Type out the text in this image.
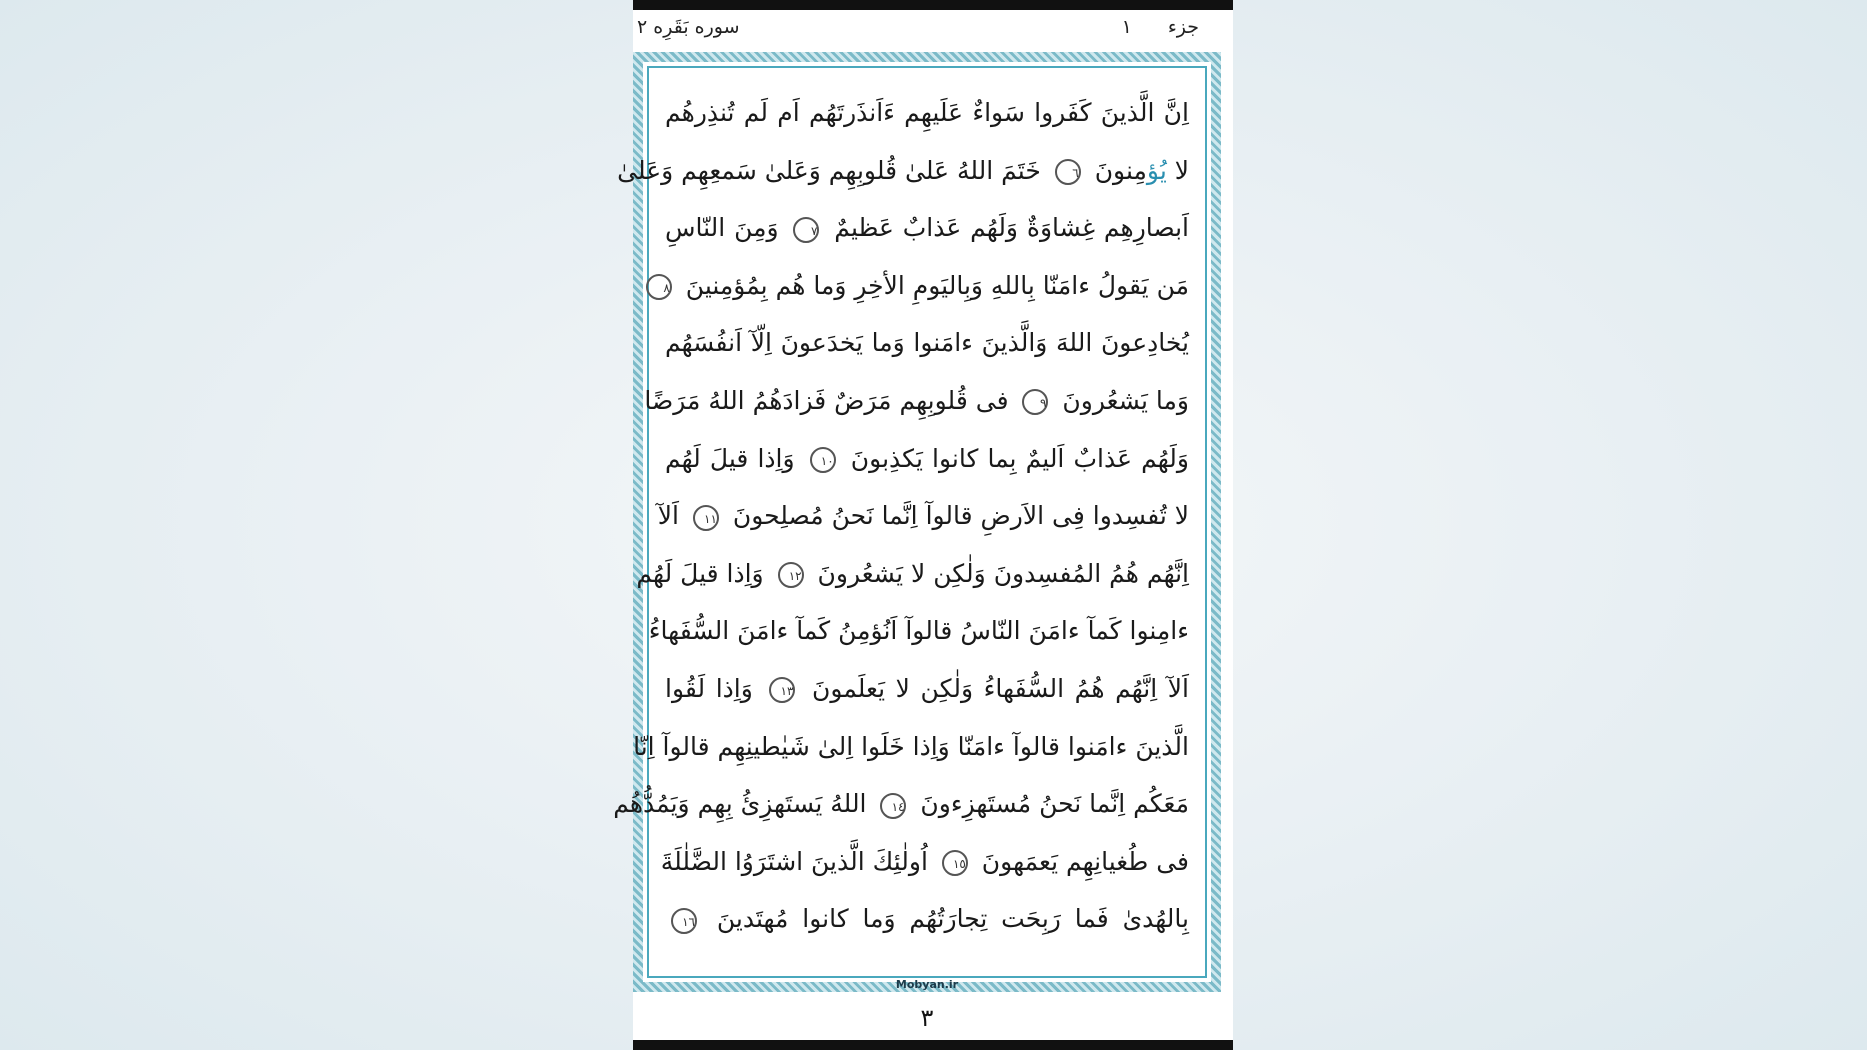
جزء ١
سوره بَقَرِه ٢
اِنَّ الَّذينَ كَفَروا سَواءٌ عَلَيهِم ءَاَنذَرتَهُم اَم لَم تُنذِرهُم
لا يُؤمِنونَ ٦ خَتَمَ اللهُ عَلىٰ قُلوبِهِم وَعَلىٰ سَمعِهِم وَعَلىٰ
اَبصارِهِم غِشاوَةٌ وَلَهُم عَذابٌ عَظيمٌ ٧ وَمِنَ النّاسِ
مَن يَقولُ ءامَنّا بِاللهِ وَبِاليَومِ الأخِرِ وَما هُم بِمُؤمِنينَ ٨
يُخادِعونَ اللهَ وَالَّذينَ ءامَنوا وَما يَخدَعونَ اِلّآ اَنفُسَهُم
وَما يَشعُرونَ ٩ فى قُلوبِهِم مَرَضٌ فَزادَهُمُ اللهُ مَرَضًا
وَلَهُم عَذابٌ اَليمٌ بِما كانوا يَكذِبونَ ١٠ وَاِذا قيلَ لَهُم
لا تُفسِدوا فِى الاَرضِ قالوآ اِنَّما نَحنُ مُصلِحونَ ١١ اَلآ
اِنَّهُم هُمُ المُفسِدونَ وَلٰكِن لا يَشعُرونَ ١٢ وَاِذا قيلَ لَهُم
ءامِنوا كَمآ ءامَنَ النّاسُ قالوآ اَنُؤمِنُ كَمآ ءامَنَ السُّفَهاءُ
اَلآ اِنَّهُم هُمُ السُّفَهاءُ وَلٰكِن لا يَعلَمونَ ١٣ وَاِذا لَقُوا
الَّذينَ ءامَنوا قالوآ ءامَنّا وَاِذا خَلَوا اِلىٰ شَيٰطينِهِم قالوآ اِنّا
مَعَكُم اِنَّما نَحنُ مُستَهزِءونَ ١٤ اللهُ يَستَهزِئُ بِهِم وَيَمُدُّهُم
فى طُغيانِهِم يَعمَهونَ ١٥ اُولٰئِكَ الَّذينَ اشتَرَوُا الضَّلٰلَةَ
بِالهُدىٰ فَما رَبِحَت تِجارَتُهُم وَما كانوا مُهتَدينَ ١٦
Mobyan.ir
٣
